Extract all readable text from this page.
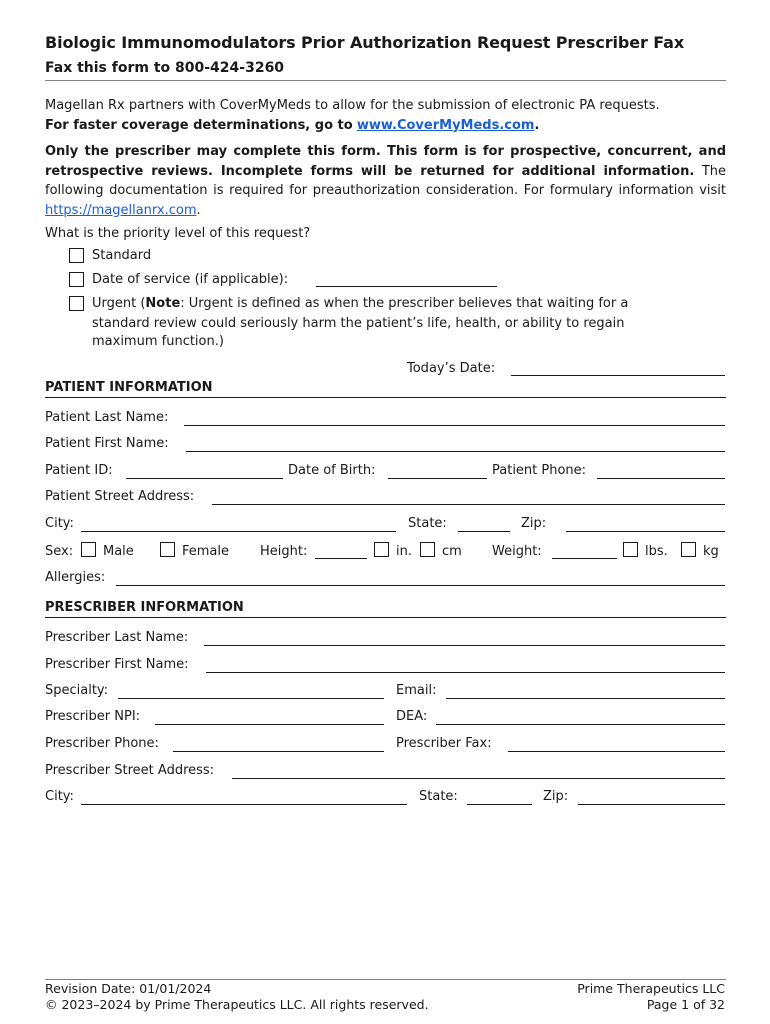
Biologic Immunomodulators Prior Authorization Request Prescriber Fax
Fax this form to 800-424-3260
Magellan Rx partners with CoverMyMeds to allow for the submission of electronic PA requests.
For faster coverage determinations, go to www.CoverMyMeds.com.
Only the prescriber may complete this form. This form is for prospective, concurrent, and retrospective reviews. Incomplete forms will be returned for additional information. The following documentation is required for preauthorization consideration. For formulary information visit https://magellanrx.com.
What is the priority level of this request?
Standard
Date of service (if applicable):
Urgent (Note: Urgent is defined as when the prescriber believes that waiting for a
standard review could seriously harm the patient’s life, health, or ability to regain
maximum function.)
Today’s Date:
PATIENT INFORMATION
Patient Last Name:
Patient First Name:
Patient ID:	Date of Birth:	Patient Phone:
Patient Street Address:
City:	State:	Zip:
Sex: Male	Female Height:	in. cm Weight:	lbs.	kg
Allergies:
PRESCRIBER INFORMATION
Prescriber Last Name:
Prescriber First Name:
Specialty:	Email:
Prescriber NPI:	DEA:
Prescriber Phone:	Prescriber Fax:
Prescriber Street Address:
City:	State:	Zip:
Revision Date: 01/01/2024
© 2023–2024 by Prime Therapeutics LLC. All rights reserved.
Prime Therapeutics LLC
Page 1 of 32
